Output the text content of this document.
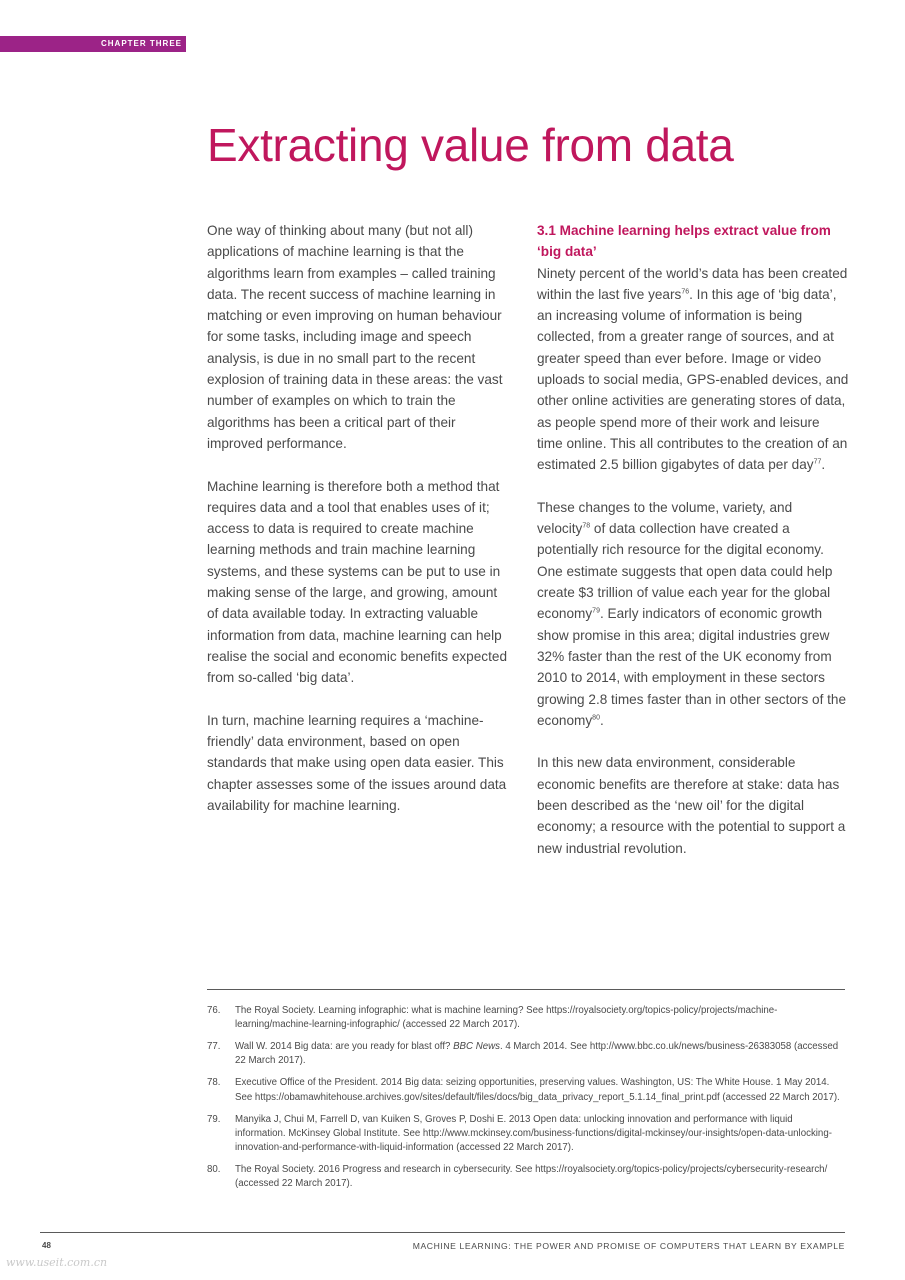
CHAPTER THREE
Extracting value from data

One way of thinking about many (but not all) applications of machine learning is that the algorithms learn from examples – called training data. The recent success of machine learning in matching or even improving on human behaviour for some tasks, including image and speech analysis, is due in no small part to the recent explosion of training data in these areas: the vast number of examples on which to train the algorithms has been a critical part of their improved performance.

Machine learning is therefore both a method that requires data and a tool that enables uses of it; access to data is required to create machine learning methods and train machine learning systems, and these systems can be put to use in making sense of the large, and growing, amount of data available today. In extracting valuable information from data, machine learning can help realise the social and economic benefits expected from so-called ‘big data’.

In turn, machine learning requires a ‘machine-friendly’ data environment, based on open standards that make using open data easier. This chapter assesses some of the issues around data availability for machine learning.

3.1 Machine learning helps extract value from ‘big data’

Ninety percent of the world’s data has been created within the last five years$^{76}$. In this age of ‘big data’, an increasing volume of information is being collected, from a greater range of sources, and at greater speed than ever before. Image or video uploads to social media, GPS-enabled devices, and other online activities are generating stores of data, as people spend more of their work and leisure time online. This all contributes to the creation of an estimated 2.5 billion gigabytes of data per day$^{77}$.

These changes to the volume, variety, and velocity$^{78}$ of data collection have created a potentially rich resource for the digital economy. One estimate suggests that open data could help create $3 trillion of value each year for the global economy$^{79}$. Early indicators of economic growth show promise in this area; digital industries grew 32% faster than the rest of the UK economy from 2010 to 2014, with employment in these sectors growing 2.8 times faster than in other sectors of the economy$^{80}$.

In this new data environment, considerable economic benefits are therefore at stake: data has been described as the ‘new oil’ for the digital economy; a resource with the potential to support a new industrial revolution.

76.	The Royal Society. Learning infographic: what is machine learning? See https://royalsociety.org/topics-policy/projects/machine-learning/machine-learning-infographic/ (accessed 22 March 2017).
77.	Wall W. 2014 Big data: are you ready for blast off? BBC News. 4 March 2014. See http://www.bbc.co.uk/news/business-26383058 (accessed 22 March 2017).
78.	Executive Office of the President. 2014 Big data: seizing opportunities, preserving values. Washington, US: The White House. 1 May 2014. See https://obamawhitehouse.archives.gov/sites/default/files/docs/big_data_privacy_report_5.1.14_final_print.pdf (accessed 22 March 2017).
79.	Manyika J, Chui M, Farrell D, van Kuiken S, Groves P, Doshi E. 2013 Open data: unlocking innovation and performance with liquid information. McKinsey Global Institute. See http://www.mckinsey.com/business-functions/digital-mckinsey/our-insights/open-data-unlocking-innovation-and-performance-with-liquid-information (accessed 22 March 2017).
80.	The Royal Society. 2016 Progress and research in cybersecurity. See https://royalsociety.org/topics-policy/projects/cybersecurity-research/ (accessed 22 March 2017).
48	MACHINE LEARNING: THE POWER AND PROMISE OF COMPUTERS THAT LEARN BY EXAMPLE
www.useit.com.cn
